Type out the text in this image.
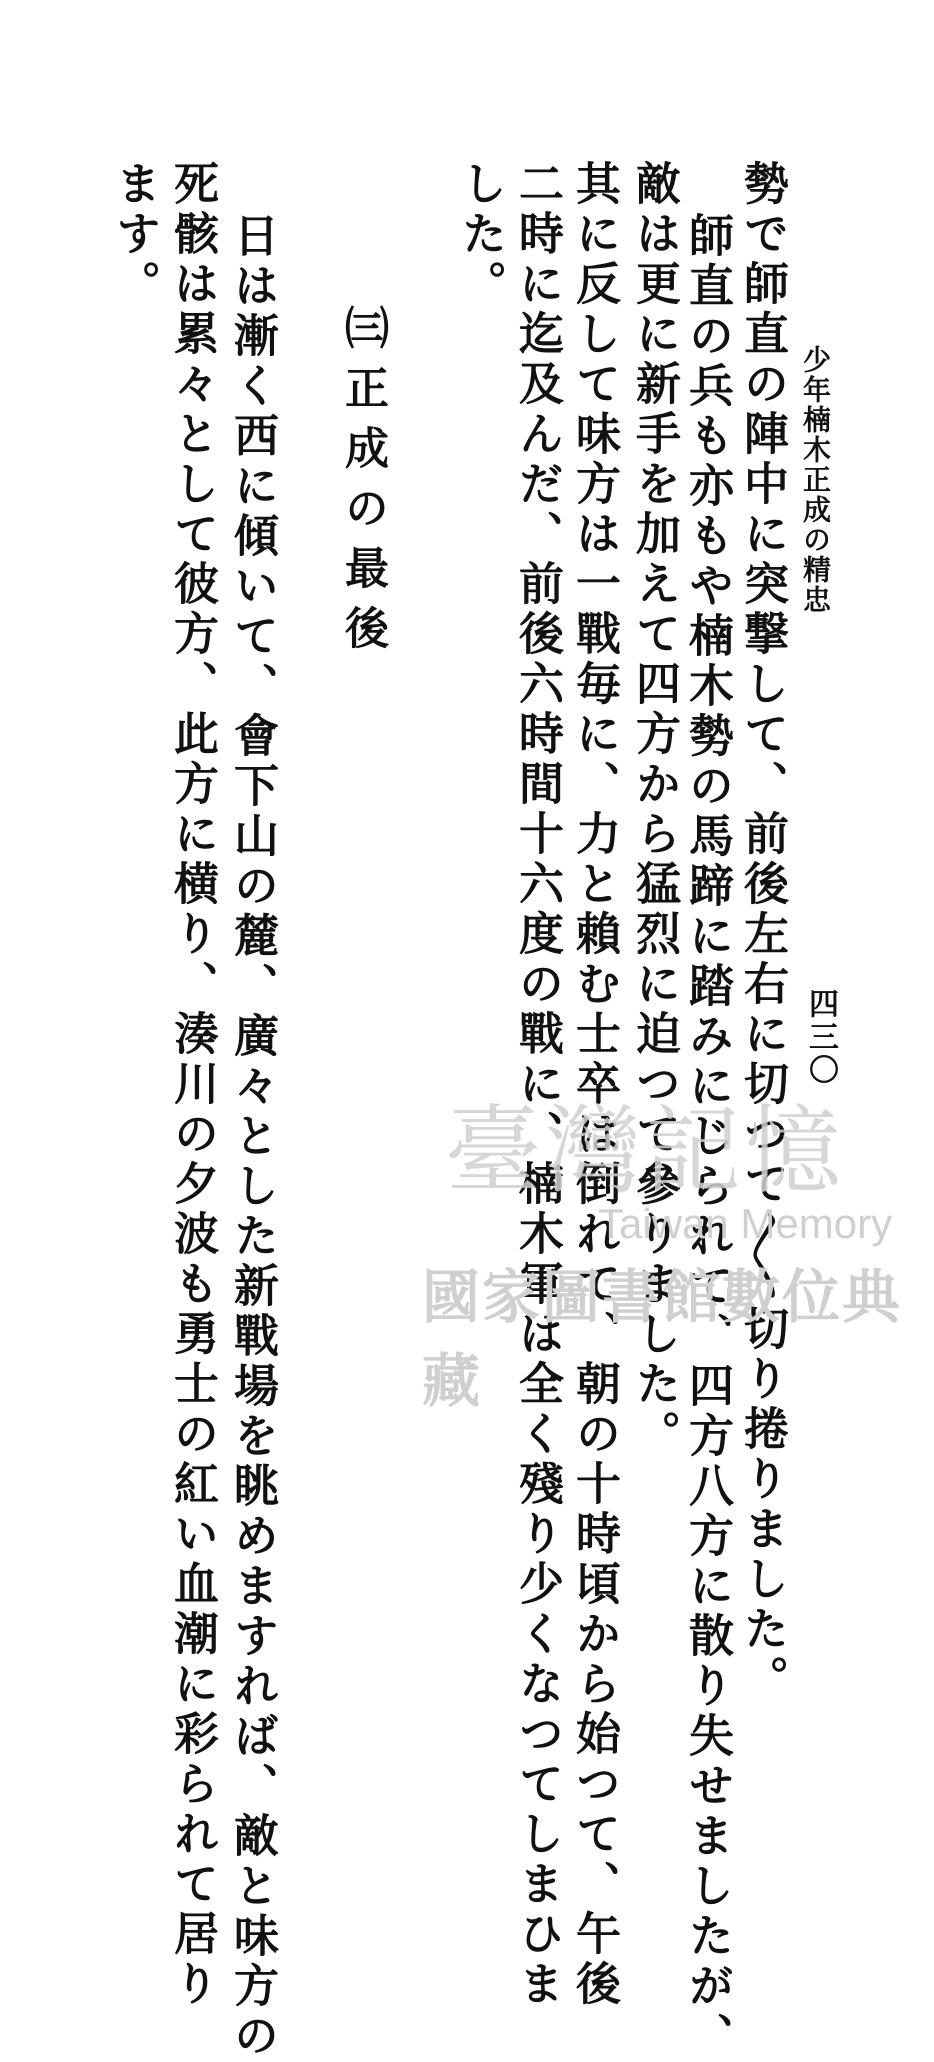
少年楠木正成の精忠
四三〇
勢で師直の陣中に突撃して、前後左右に切つて〳〵切り捲りました。
師直の兵も亦もや楠木勢の馬蹄に踏みにじられて、四方八方に散り失せましたが、
敵は更に新手を加えて四方から猛烈に迫つて參りました。
其に反して味方は一戰毎に、力と賴む士卒は倒れて、朝の十時頃から始つて、午後
二時に迄及んだ、前後六時間十六度の戰に、楠木軍は全く殘り少くなつてしまひま
した。
㈢正成の最後
日は漸く西に傾いて、會下山の麓、廣々とした新戰場を眺めますれば、敵と味方の
死骸は累々として彼方、此方に横り、湊川の夕波も勇士の紅い血潮に彩られて居り
ます。
臺灣記憶
Taiwan Memory
國家圖書館數位典藏
